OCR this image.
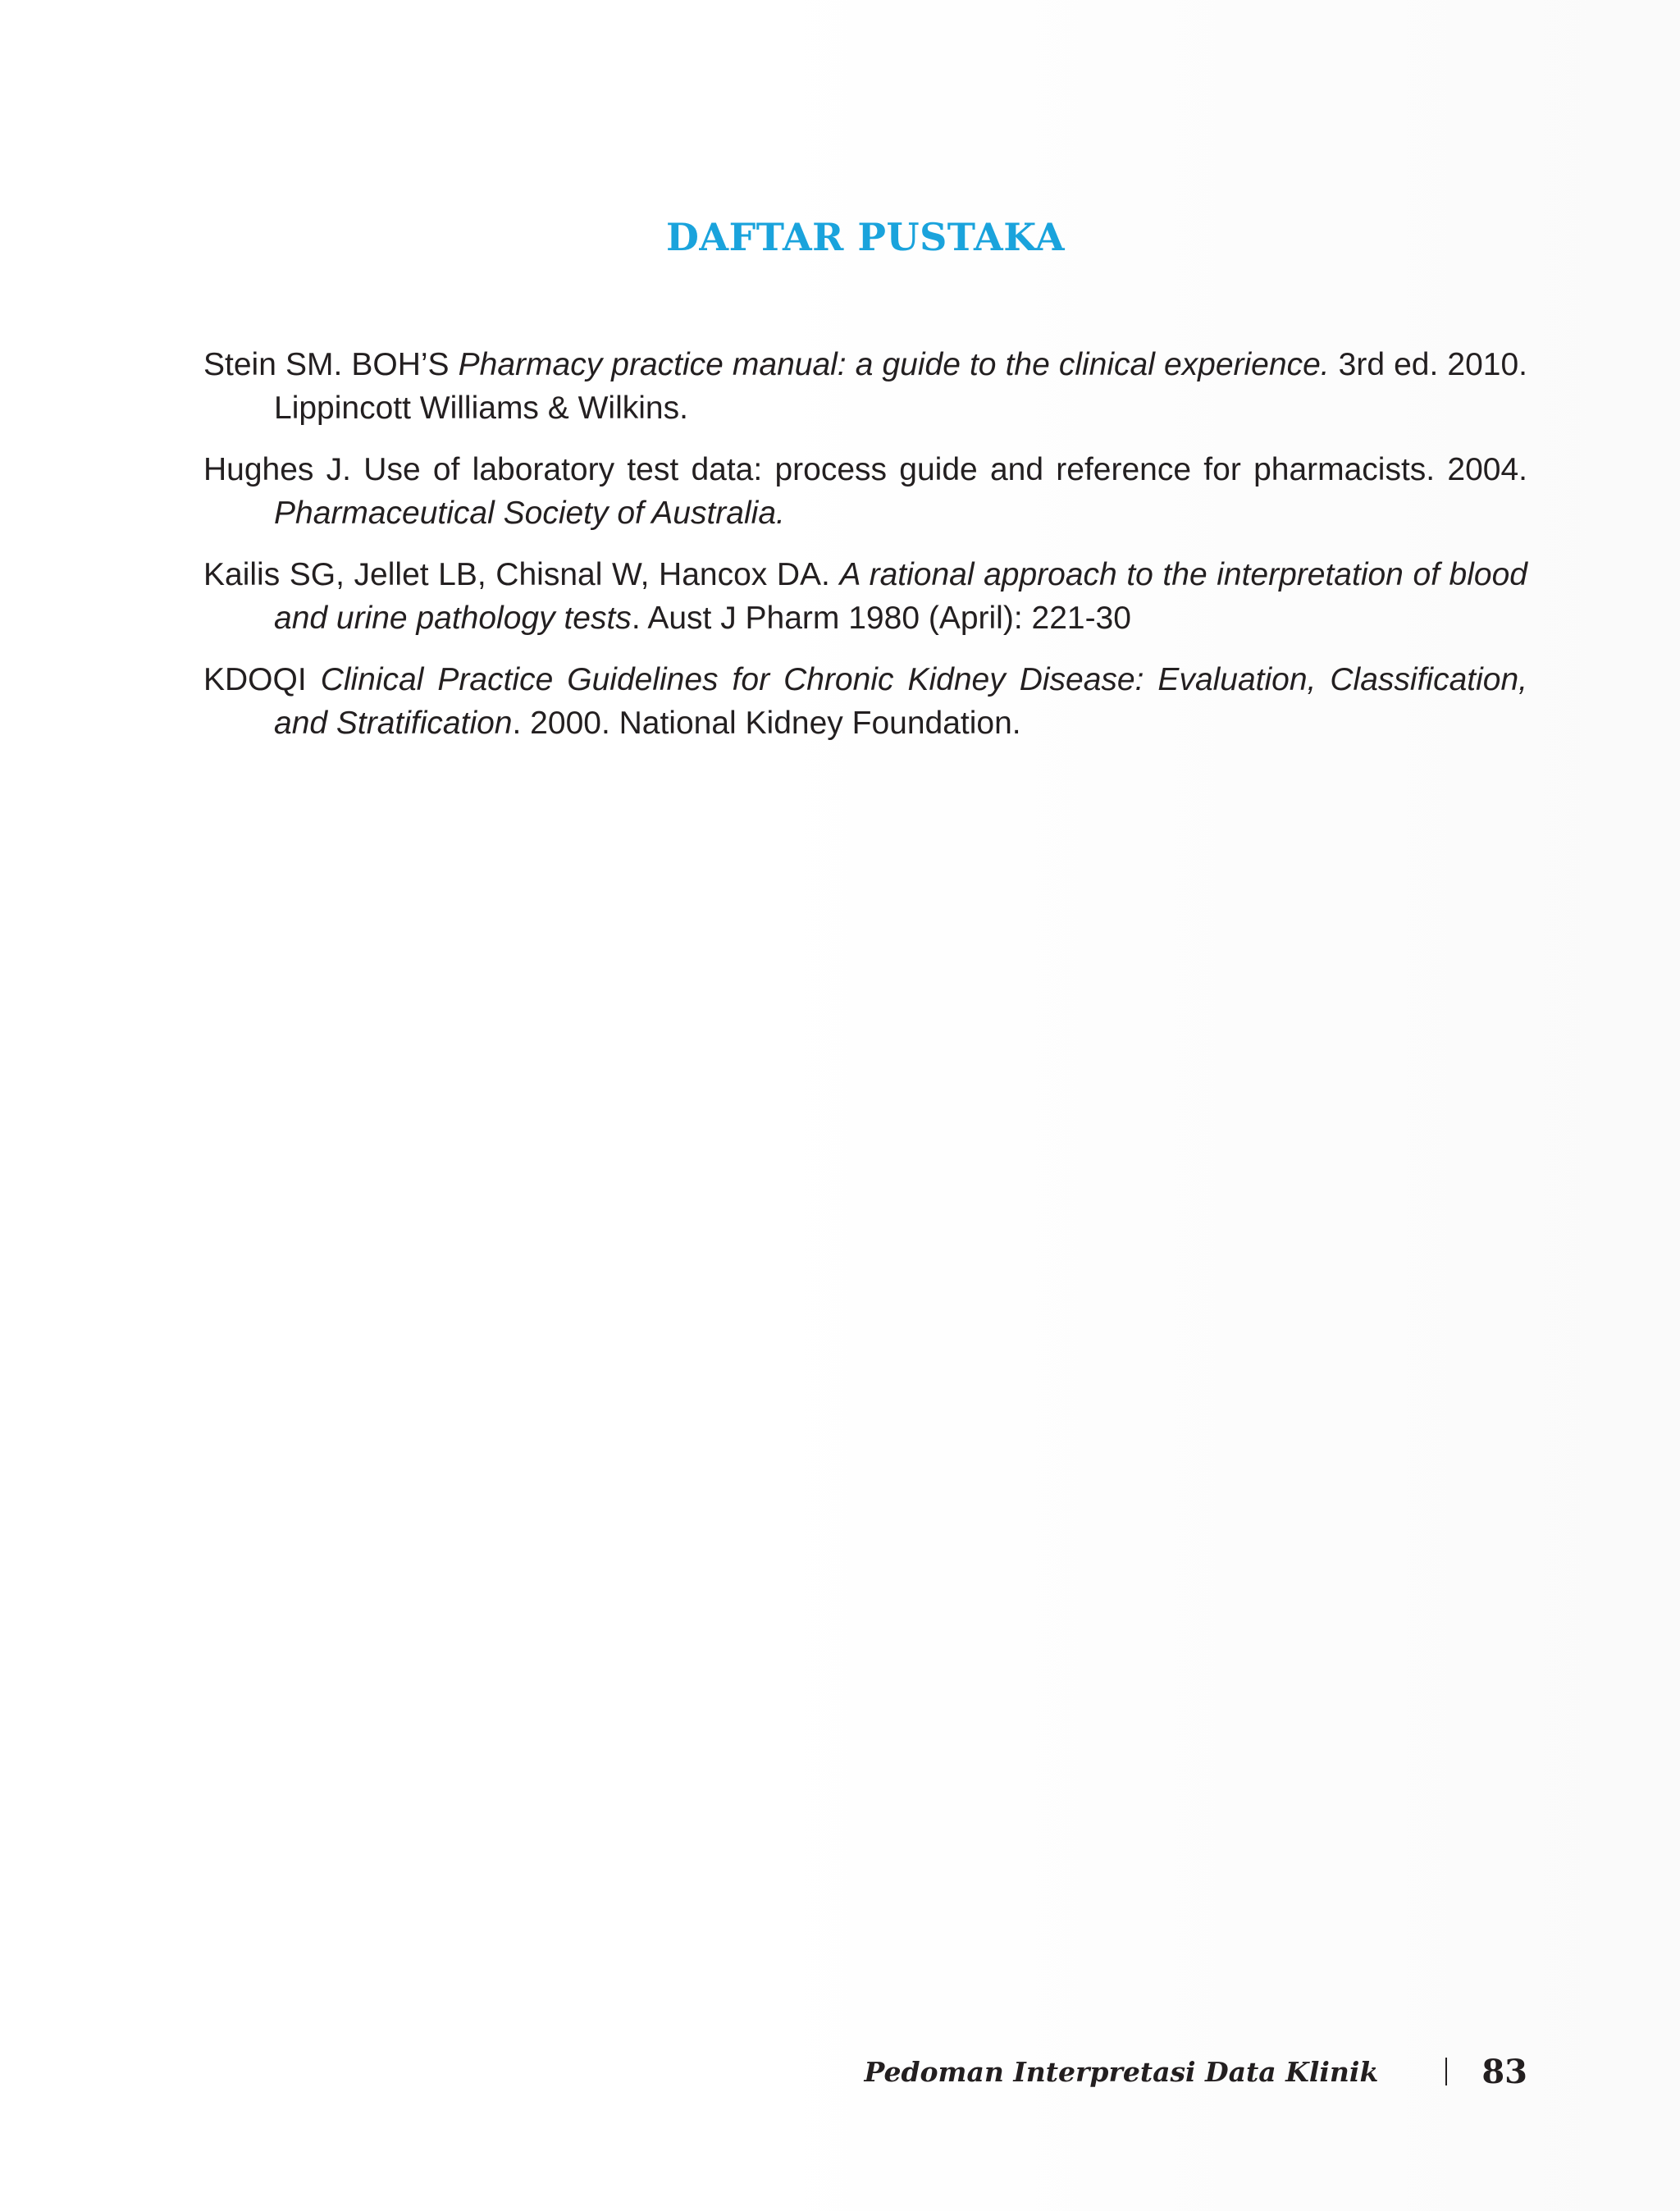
DAFTAR PUSTAKA
Stein SM. BOH’S Pharmacy practice manual: a guide to the clinical experience. 3rd ed. 2010. Lippincott Williams & Wilkins.
Hughes J. Use of laboratory test data: process guide and reference for pharmacists. 2004. Pharmaceutical Society of Australia.
Kailis SG, Jellet LB, Chisnal W, Hancox DA. A rational approach to the interpretation of blood and urine pathology tests. Aust J Pharm 1980 (April): 221-30
KDOQI Clinical Practice Guidelines for Chronic Kidney Disease: Evaluation, Classification, and Stratification. 2000. National Kidney Foundation.
Pedoman Interpretasi Data Klinik	83
